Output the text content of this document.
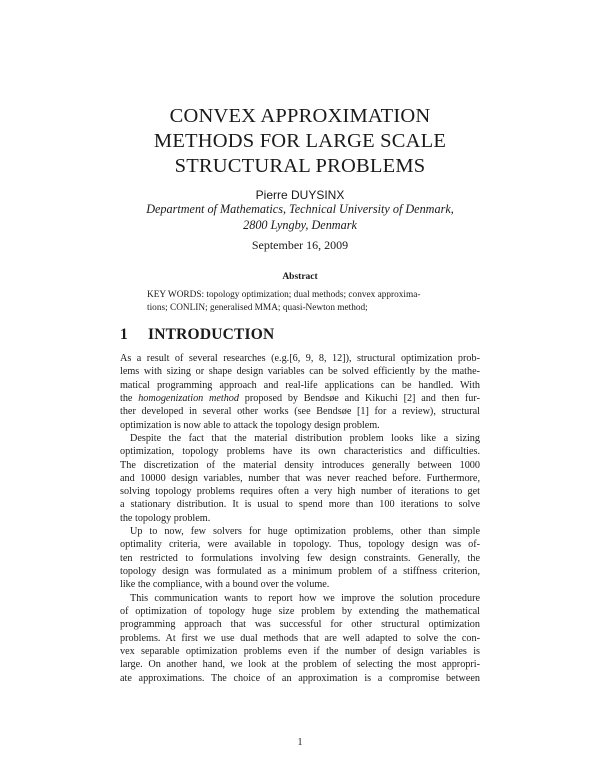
CONVEX APPROXIMATION
METHODS FOR LARGE SCALE
STRUCTURAL PROBLEMS
Pierre DUYSINX
Department of Mathematics, Technical University of Denmark,
2800 Lyngby, Denmark
September 16, 2009
Abstract
KEY WORDS: topology optimization; dual methods; convex approxima-
tions; CONLIN; generalised MMA; quasi-Newton method;
1 INTRODUCTION
As a result of several researches (e.g.[6, 9, 8, 12]), structural optimization prob-
lems with sizing or shape design variables can be solved efficiently by the mathe-
matical programming approach and real-life applications can be handled. With
the homogenization method proposed by Bendsøe and Kikuchi [2] and then fur-
ther developed in several other works (see Bendsøe [1] for a review), structural
optimization is now able to attack the topology design problem.
Despite the fact that the material distribution problem looks like a sizing
optimization, topology problems have its own characteristics and difficulties.
The discretization of the material density introduces generally between 1000
and 10000 design variables, number that was never reached before. Furthermore,
solving topology problems requires often a very high number of iterations to get
a stationary distribution. It is usual to spend more than 100 iterations to solve
the topology problem.
Up to now, few solvers for huge optimization problems, other than simple
optimality criteria, were available in topology. Thus, topology design was of-
ten restricted to formulations involving few design constraints. Generally, the
topology design was formulated as a minimum problem of a stiffness criterion,
like the compliance, with a bound over the volume.
This communication wants to report how we improve the solution procedure
of optimization of topology huge size problem by extending the mathematical
programming approach that was successful for other structural optimization
problems. At first we use dual methods that are well adapted to solve the con-
vex separable optimization problems even if the number of design variables is
large. On another hand, we look at the problem of selecting the most appropri-
ate approximations. The choice of an approximation is a compromise between
1
